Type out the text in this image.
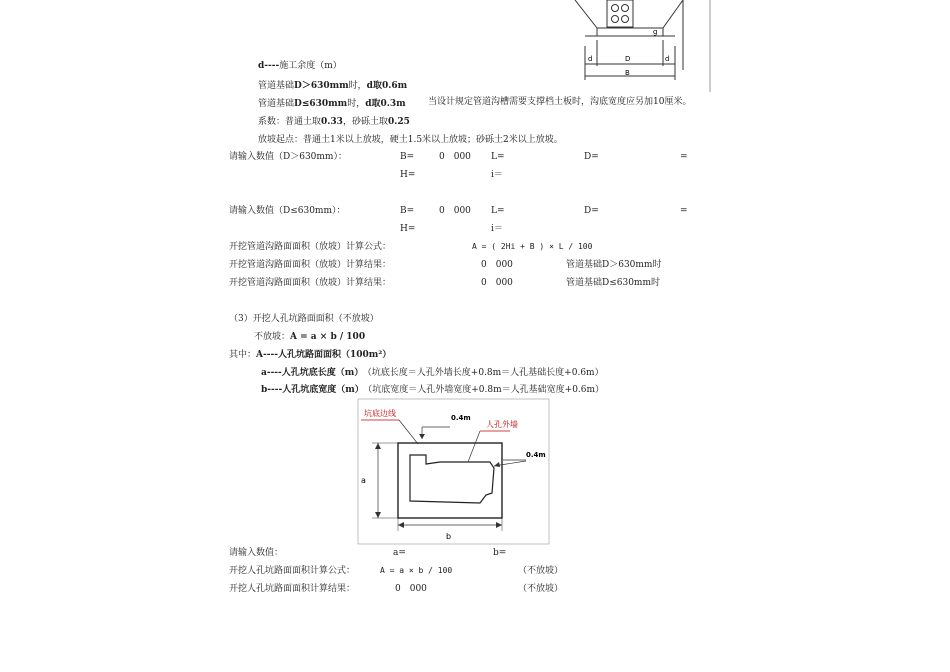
g
d	D	d
B
d----施工余度（m）
管道基础D＞630mm时，d取0.6m
管道基础D≤630mm时，d取0.3m 当设计规定管道沟槽需要支撑档土板时，沟底宽度应另加10厘米。
系数：普通土取0.33，砂砾土取0.25
放坡起点：普通土1米以上放坡，硬土1.5米以上放坡；砂砾土2米以上放坡。
请输入数值（D＞630mm）：	B=	0　000 L=	D=	=
H=	i＝
请输入数值（D≤630mm）：	B=	0　000 L=	D=	=
H=	i＝
开挖管道沟路面面积（放坡）计算公式：	A = ( 2Hi + B ) × L / 100
开挖管道沟路面面积（放坡）计算结果：	0　000	管道基础D＞630mm时
开挖管道沟路面面积（放坡）计算结果：	0　000	管道基础D≤630mm时
（3）开挖人孔坑路面面积（不放坡）
不放坡：A = a × b / 100
其中：A----人孔坑路面面积（100m²）
a----人孔坑底长度（m） （坑底长度＝人孔外墙长度+0.8m＝人孔基础长度+0.6m）
b----人孔坑底宽度（m） （坑底宽度＝人孔外墙宽度+0.8m＝人孔基础宽度+0.6m）
坑底边线
人孔外墙
0.4m
0.4m
a
b
请输入数值：	a=	b=
开挖人孔坑路面面积计算公式：	A = a × b / 100	（不放坡）
开挖人孔坑路面面积计算结果：	0　000	（不放坡）
